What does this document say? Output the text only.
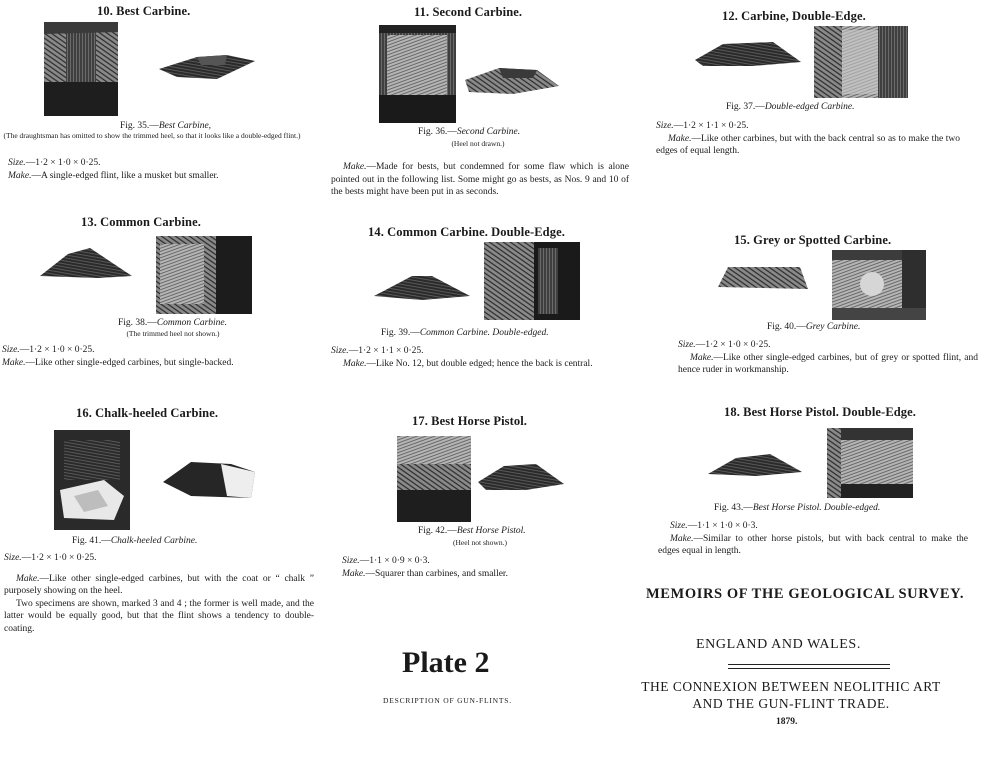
10. Best Carbine.
Fig. 35.—Best Carbine,
(The draughtsman has omitted to show the trimmed heel, so that it looks like a double-edged flint.)

Size.—1·2 × 1·0 × 0·25.

Make.—A single-edged flint, like a musket but smaller.

11. Second Carbine.
Fig. 36.—Second Carbine.
(Heel not drawn.)

Make.—Made for bests, but condemned for some flaw which is alone pointed out in the following list. Some might go as bests, as Nos. 9 and 10 of the bests might have been put in as seconds.

12. Carbine, Double-Edge.
Fig. 37.—Double-edged Carbine.

Size.—1·2 × 1·1 × 0·25.

Make.—Like other carbines, but with the back central so as to make the two edges of equal length.

13. Common Carbine.
Fig. 38.—Common Carbine.
(The trimmed heel not shown.)

Size.—1·2 × 1·0 × 0·25.

Make.—Like other single-edged carbines, but single-backed.

14. Common Carbine. Double-Edge.
Fig. 39.—Common Carbine. Double-edged.

Size.—1·2 × 1·1 × 0·25.

Make.—Like No. 12, but double edged; hence the back is central.

15. Grey or Spotted Carbine.
Fig. 40.—Grey Carbine.

Size.—1·2 × 1·0 × 0·25.

Make.—Like other single-edged carbines, but of grey or spotted flint, and hence ruder in workmanship.

16. Chalk-heeled Carbine.
Fig. 41.—Chalk-heeled Carbine.

Size.—1·2 × 1·0 × 0·25.

Make.—Like other single-edged carbines, but with the coat or “ chalk ” purposely showing on the heel.

Two specimens are shown, marked 3 and 4 ; the former is well made, and the latter would be equally good, but that the flint shows a tendency to double-coating.

17. Best Horse Pistol.
Fig. 42.—Best Horse Pistol.
(Heel not shown.)

Size.—1·1 × 0·9 × 0·3.

Make.—Squarer than carbines, and smaller.

18. Best Horse Pistol. Double-Edge.
Fig. 43.—Best Horse Pistol. Double-edged.

Size.—1·1 × 1·0 × 0·3.

Make.—Similar to other horse pistols, but with back central to make the edges equal in length.

Plate 2
DESCRIPTION OF GUN-FLINTS.
MEMOIRS OF THE GEOLOGICAL SURVEY.
ENGLAND AND WALES.
THE CONNEXION BETWEEN NEOLITHIC ART
AND THE GUN-FLINT TRADE.
1879.
